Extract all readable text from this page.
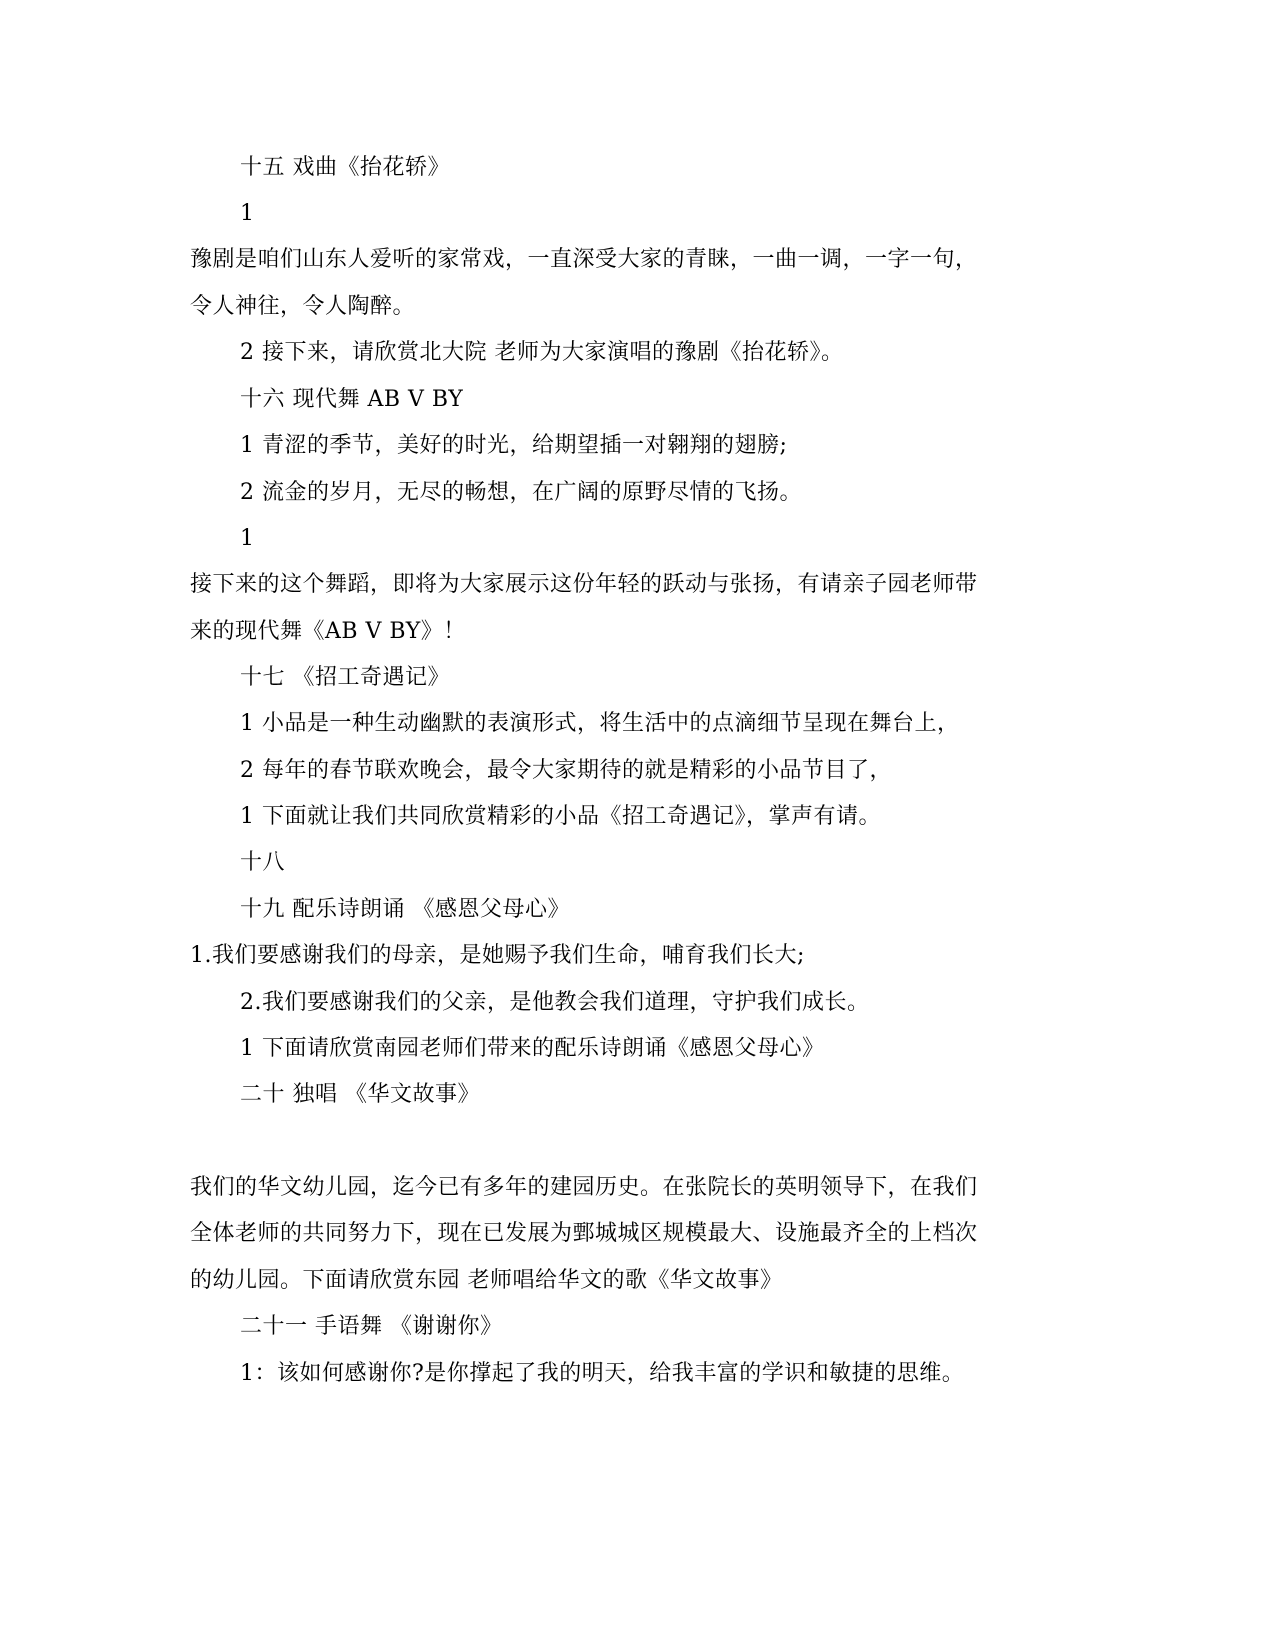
十五 戏曲《抬花轿》
1
豫剧是咱们山东人爱听的家常戏，一直深受大家的青睐，一曲一调，一字一句，
令人神往，令人陶醉。
2 接下来，请欣赏北大院 老师为大家演唱的豫剧《抬花轿》。
十六 现代舞 AB V BY
1 青涩的季节，美好的时光，给期望插一对翱翔的翅膀;
2 流金的岁月，无尽的畅想，在广阔的原野尽情的飞扬。
1
接下来的这个舞蹈，即将为大家展示这份年轻的跃动与张扬，有请亲子园老师带
来的现代舞《AB V BY》！
十七 《招工奇遇记》
1 小品是一种生动幽默的表演形式，将生活中的点滴细节呈现在舞台上，
2 每年的春节联欢晚会，最令大家期待的就是精彩的小品节目了，
1 下面就让我们共同欣赏精彩的小品《招工奇遇记》，掌声有请。
十八
十九 配乐诗朗诵 《感恩父母心》
1.我们要感谢我们的母亲，是她赐予我们生命，哺育我们长大;
2.我们要感谢我们的父亲，是他教会我们道理，守护我们成长。
1 下面请欣赏南园老师们带来的配乐诗朗诵《感恩父母心》
二十 独唱 《华文故事》
我们的华文幼儿园，迄今已有多年的建园历史。在张院长的英明领导下，在我们
全体老师的共同努力下，现在已发展为鄄城城区规模最大、设施最齐全的上档次
的幼儿园。下面请欣赏东园 老师唱给华文的歌《华文故事》
二十一 手语舞 《谢谢你》
1：该如何感谢你?是你撑起了我的明天，给我丰富的学识和敏捷的思维。
